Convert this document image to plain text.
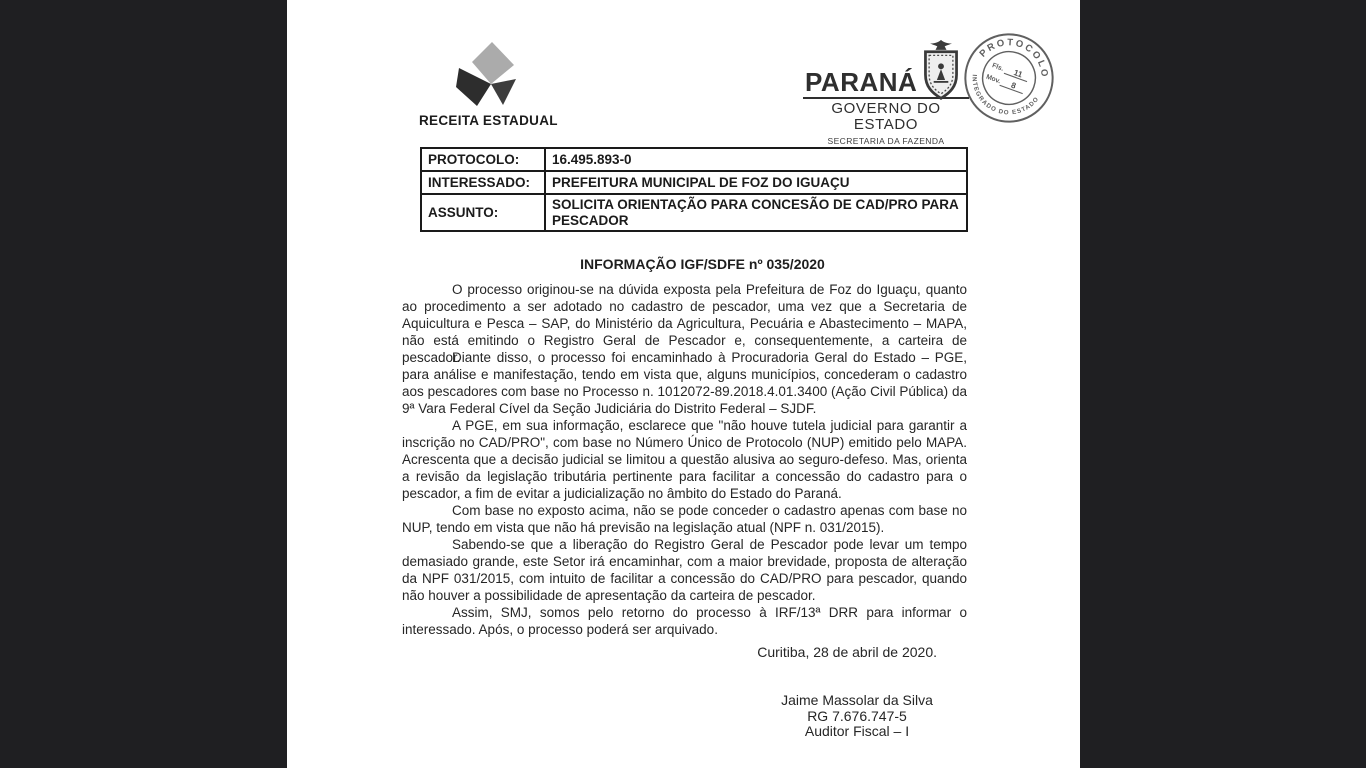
RECEITA ESTADUAL
PARANÁ
GOVERNO DO ESTADO
SECRETARIA DA FAZENDA
PROTOCOLO
INTEGRADO DO ESTADO
Fls.
11
Mov.
8
PROTOCOLO:	16.495.893-0
INTERESSADO:	PREFEITURA MUNICIPAL DE FOZ DO IGUAÇU
ASSUNTO:	SOLICITA ORIENTAÇÃO PARA CONCESÃO DE CAD/PRO PARA PESCADOR
INFORMAÇÃO IGF/SDFE nº 035/2020

O processo originou-se na dúvida exposta pela Prefeitura de Foz do Iguaçu, quanto ao procedimento a ser adotado no cadastro de pescador, uma vez que a Secretaria de Aquicultura e Pesca – SAP, do Ministério da Agricultura, Pecuária e Abastecimento – MAPA, não está emitindo o Registro Geral de Pescador e, consequentemente, a carteira de pescador.

Diante disso, o processo foi encaminhado à Procuradoria Geral do Estado – PGE, para análise e manifestação, tendo em vista que, alguns municípios, concederam o cadastro aos pescadores com base no Processo n. 1012072-89.2018.4.01.3400 (Ação Civil Pública) da 9ª Vara Federal Cível da Seção Judiciária do Distrito Federal – SJDF.

A PGE, em sua informação, esclarece que "não houve tutela judicial para garantir a inscrição no CAD/PRO", com base no Número Único de Protocolo (NUP) emitido pelo MAPA. Acrescenta que a decisão judicial se limitou a questão alusiva ao seguro-defeso. Mas, orienta a revisão da legislação tributária pertinente para facilitar a concessão do cadastro para o pescador, a fim de evitar a judicialização no âmbito do Estado do Paraná.

Com base no exposto acima, não se pode conceder o cadastro apenas com base no NUP, tendo em vista que não há previsão na legislação atual (NPF n. 031/2015).

Sabendo-se que a liberação do Registro Geral de Pescador pode levar um tempo demasiado grande, este Setor irá encaminhar, com a maior brevidade, proposta de alteração da NPF 031/2015, com intuito de facilitar a concessão do CAD/PRO para pescador, quando não houver a possibilidade de apresentação da carteira de pescador.

Assim, SMJ, somos pelo retorno do processo à IRF/13ª DRR para informar o interessado. Após, o processo poderá ser arquivado.

Curitiba, 28 de abril de 2020.
Jaime Massolar da Silva
RG 7.676.747-5
Auditor Fiscal – I
